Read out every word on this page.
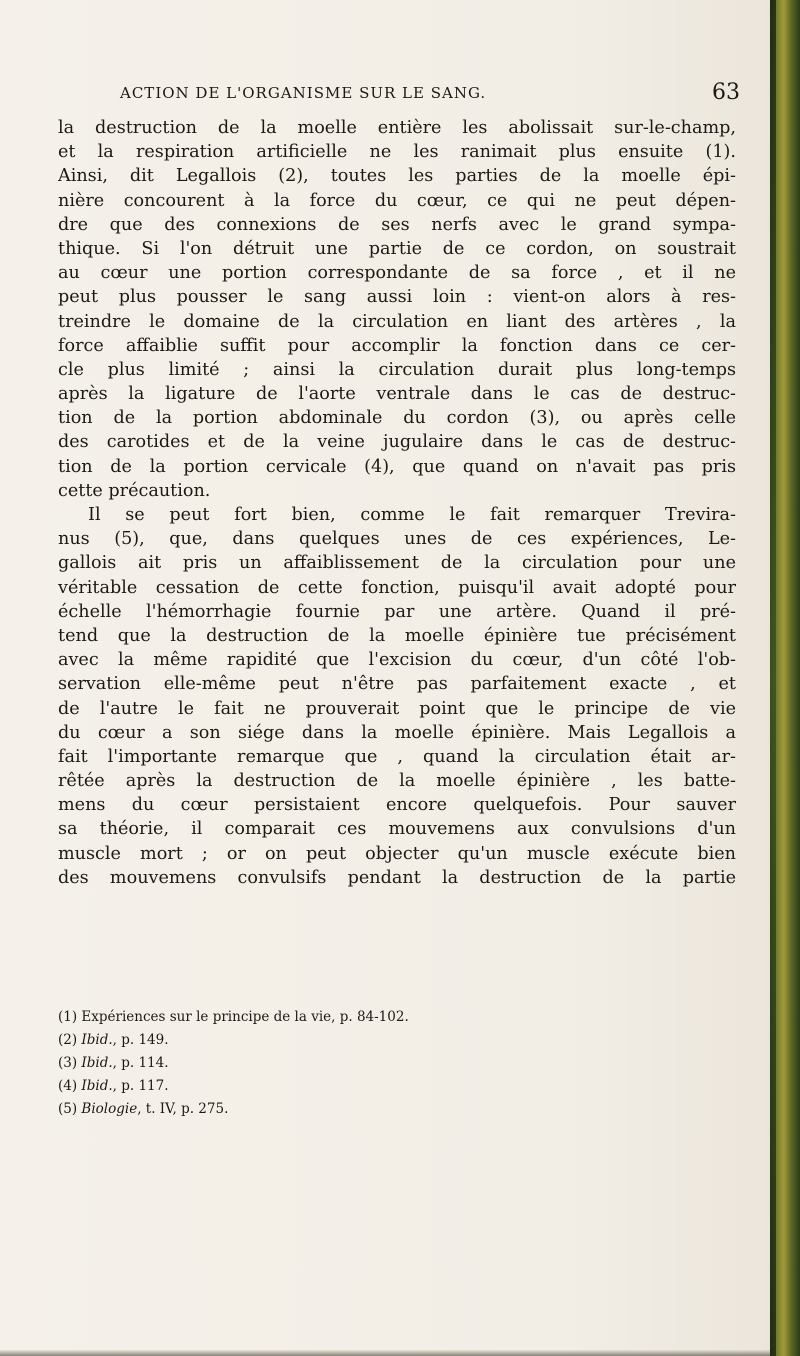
ACTION DE L'ORGANISME SUR LE SANG.	63
la destruction de la moelle entière les abolissait sur-le-champ,
et la respiration artificielle ne les ranimait plus ensuite (1).
Ainsi, dit Legallois (2), toutes les parties de la moelle épi-
nière concourent à la force du cœur, ce qui ne peut dépen-
dre que des connexions de ses nerfs avec le grand sympa-
thique. Si l'on détruit une partie de ce cordon, on soustrait
au cœur une portion correspondante de sa force , et il ne
peut plus pousser le sang aussi loin : vient-on alors à res-
treindre le domaine de la circulation en liant des artères , la
force affaiblie suffit pour accomplir la fonction dans ce cer-
cle plus limité ; ainsi la circulation durait plus long-temps
après la ligature de l'aorte ventrale dans le cas de destruc-
tion de la portion abdominale du cordon (3), ou après celle
des carotides et de la veine jugulaire dans le cas de destruc-
tion de la portion cervicale (4), que quand on n'avait pas pris
cette précaution.
Il se peut fort bien, comme le fait remarquer Trevira-
nus (5), que, dans quelques unes de ces expériences, Le-
gallois ait pris un affaiblissement de la circulation pour une
véritable cessation de cette fonction, puisqu'il avait adopté pour
échelle l'hémorrhagie fournie par une artère. Quand il pré-
tend que la destruction de la moelle épinière tue précisément
avec la même rapidité que l'excision du cœur, d'un côté l'ob-
servation elle-même peut n'être pas parfaitement exacte , et
de l'autre le fait ne prouverait point que le principe de vie
du cœur a son siége dans la moelle épinière. Mais Legallois a
fait l'importante remarque que , quand la circulation était ar-
rêtée après la destruction de la moelle épinière , les batte-
mens du cœur persistaient encore quelquefois. Pour sauver
sa théorie, il comparait ces mouvemens aux convulsions d'un
muscle mort ; or on peut objecter qu'un muscle exécute bien
des mouvemens convulsifs pendant la destruction de la partie
(1) Expériences sur le principe de la vie, p. 84-102.
(2) Ibid., p. 149.
(3) Ibid., p. 114.
(4) Ibid., p. 117.
(5) Biologie, t. IV, p. 275.
